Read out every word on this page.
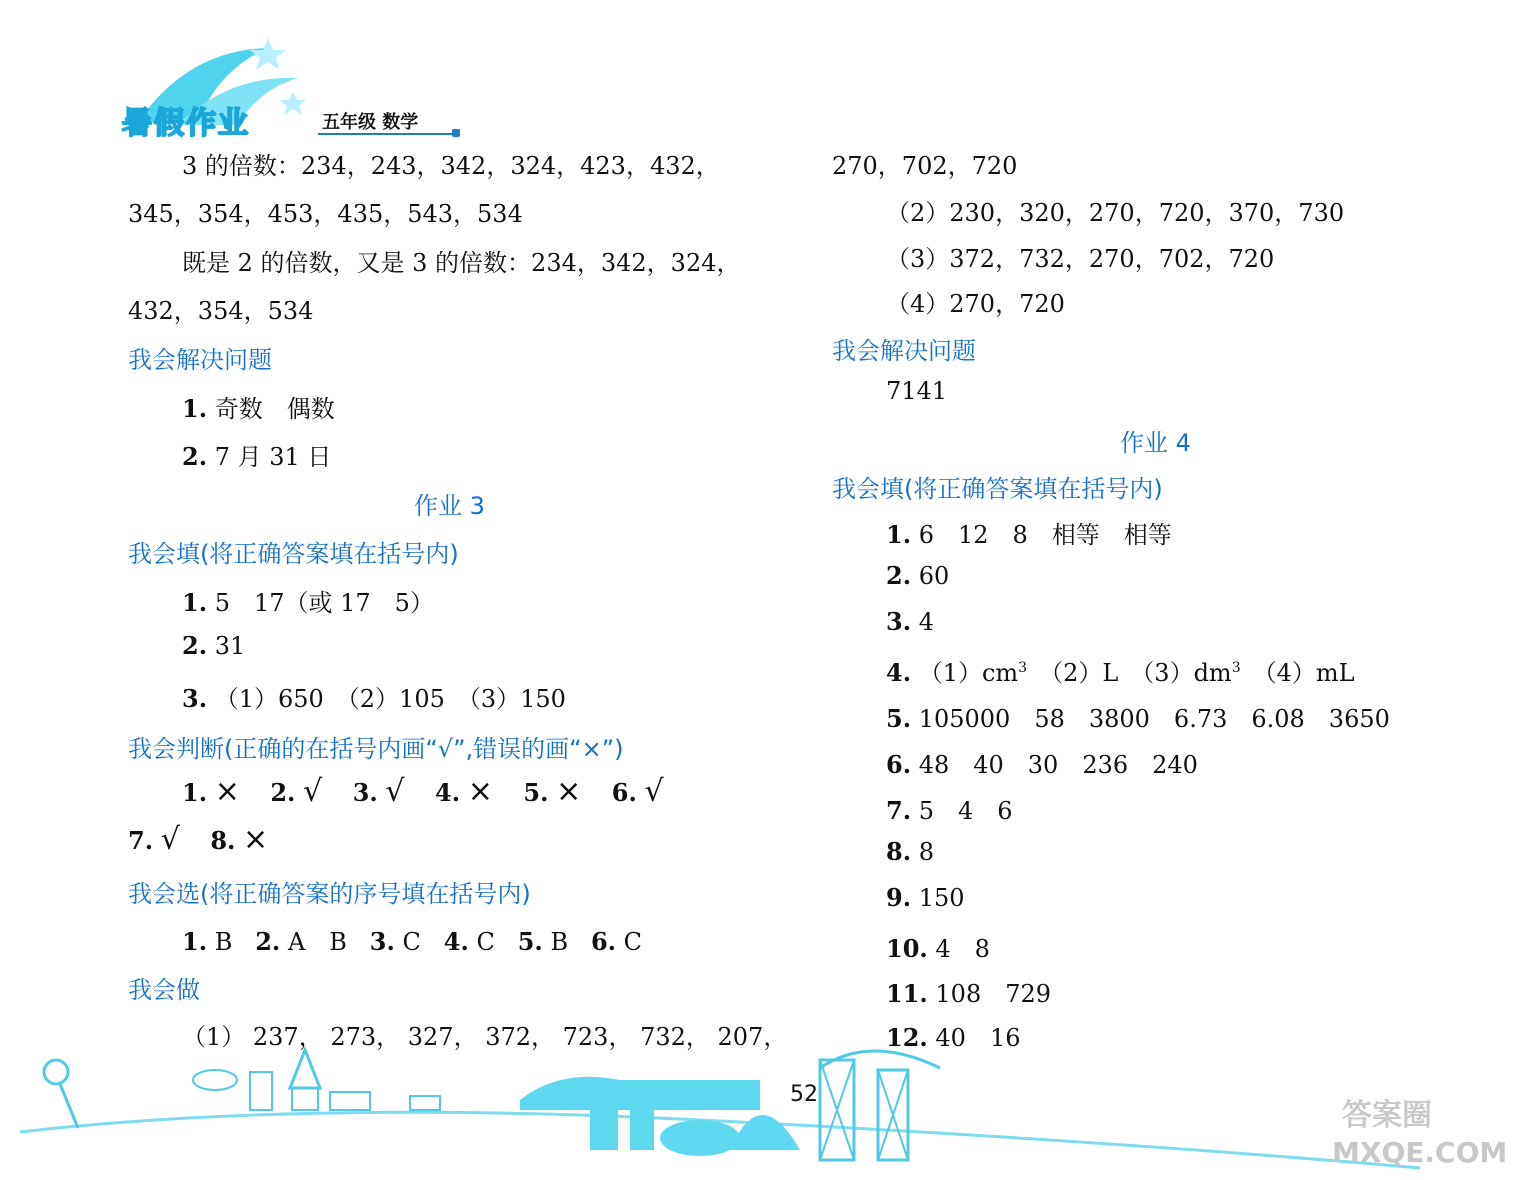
暑假作业	五年级 数学
3 的倍数：234，243，342，324，423，432，
345，354，453，435，543，534
既是 2 的倍数，又是 3 的倍数：234，342，324，
432，354，534
我会解决问题
1. 奇数　偶数
2. 7 月 31 日
作业 3
我会填(将正确答案填在括号内)
1. 5　17（或 17　5）
2. 31
3. （1）650　（2）105　（3）150
我会判断(正确的在括号内画“√”,错误的画“×”)
1. × 2. √ 3. √ 4. × 5. × 6. √
7. √ 8. ×
我会选(将正确答案的序号填在括号内)
1. B 2. A　B 3. C 4. C 5. B 6. C
我会做
（1） 237， 273， 327， 372， 723， 732， 207，
270，702，720
（2）230，320，270，720，370，730
（3）372，732，270，702，720
（4）270，720
我会解决问题
7141
作业 4
我会填(将正确答案填在括号内)
1. 6　12　8　相等　相等
2. 60
3. 4
4. $(1)cm^3$　（2）L　$(3)dm^3$　（4）mL
5. 105000　58　3800　6.73　6.08　3650
6. 48　40　30　236　240
7. 5　4　6
8. 8
9. 150
10. 4　8
11. 108　729
12. 40　16
52
答案圈
MXQE.COM
